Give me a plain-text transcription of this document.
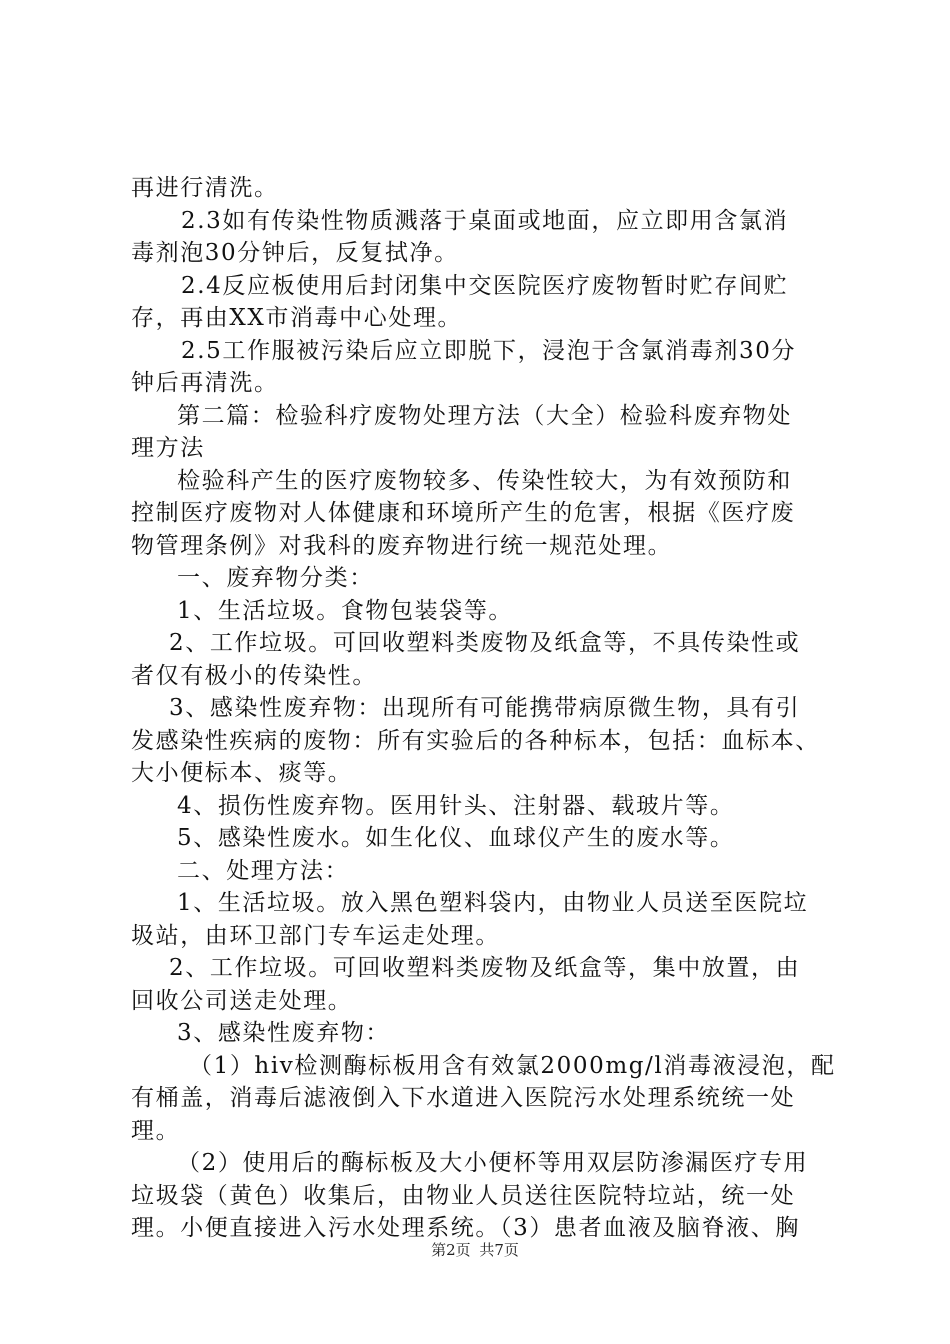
再进行清洗。
2.3如有传染性物质溅落于桌面或地面，应立即用含氯消
毒剂泡30分钟后，反复拭净。
2.4反应板使用后封闭集中交医院医疗废物暂时贮存间贮
存，再由XX市消毒中心处理。
2.5工作服被污染后应立即脱下，浸泡于含氯消毒剂30分
钟后再清洗。
第二篇：检验科疗废物处理方法（大全）检验科废弃物处
理方法
检验科产生的医疗废物较多、传染性较大，为有效预防和
控制医疗废物对人体健康和环境所产生的危害，根据《医疗废
物管理条例》对我科的废弃物进行统一规范处理。
一、废弃物分类：
1、生活垃圾。食物包装袋等。
2、工作垃圾。可回收塑料类废物及纸盒等，不具传染性或
者仅有极小的传染性。
3、感染性废弃物：出现所有可能携带病原微生物，具有引
发感染性疾病的废物：所有实验后的各种标本，包括：血标本、
大小便标本、痰等。
4、损伤性废弃物。医用针头、注射器、载玻片等。
5、感染性废水。如生化仪、血球仪产生的废水等。
二、处理方法：
1、生活垃圾。放入黑色塑料袋内，由物业人员送至医院垃
圾站，由环卫部门专车运走处理。
2、工作垃圾。可回收塑料类废物及纸盒等，集中放置，由
回收公司送走处理。
3、感染性废弃物：
（1）hiv检测酶标板用含有效氯2000mg/l消毒液浸泡，配
有桶盖，消毒后滤液倒入下水道进入医院污水处理系统统一处
理。
（2）使用后的酶标板及大小便杯等用双层防渗漏医疗专用
垃圾袋（黄色）收集后，由物业人员送往医院特垃站，统一处
理。小便直接进入污水处理系统。（3）患者血液及脑脊液、胸
第2页 共7页
